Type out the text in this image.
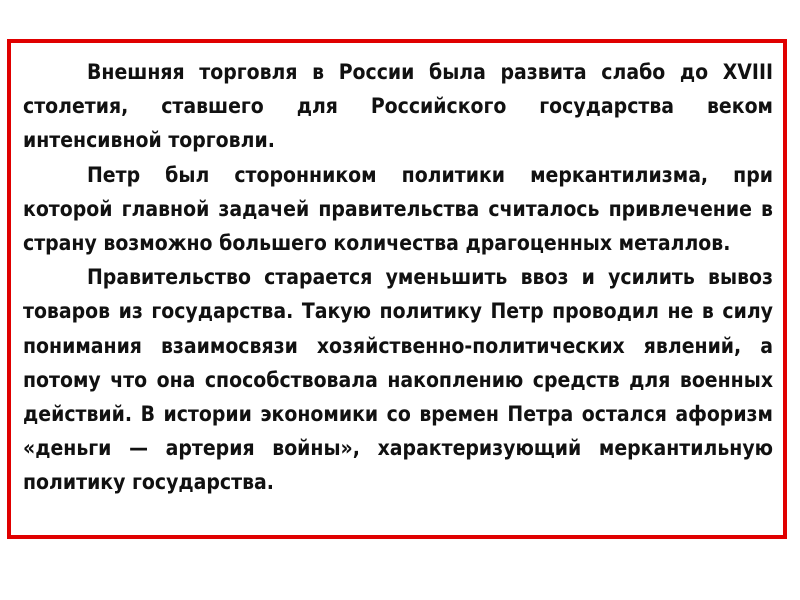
Внешняя торговля в России была развита слабо до XVIII столетия, ставшего для Российского государства веком интенсивной торговли.

Петр был сторонником политики меркантилизма, при которой главной задачей правительства считалось привлечение в страну возможно большего количества драгоценных металлов.

Правительство старается уменьшить ввоз и усилить вывоз товаров из государства. Такую политику Петр проводил не в силу понимания взаимосвязи хозяйственно-политических явлений, а потому что она способствовала накоплению средств для военных действий. В истории экономики со времен Петра остался афоризм «деньги — артерия войны», характеризующий меркантильную политику государства.
